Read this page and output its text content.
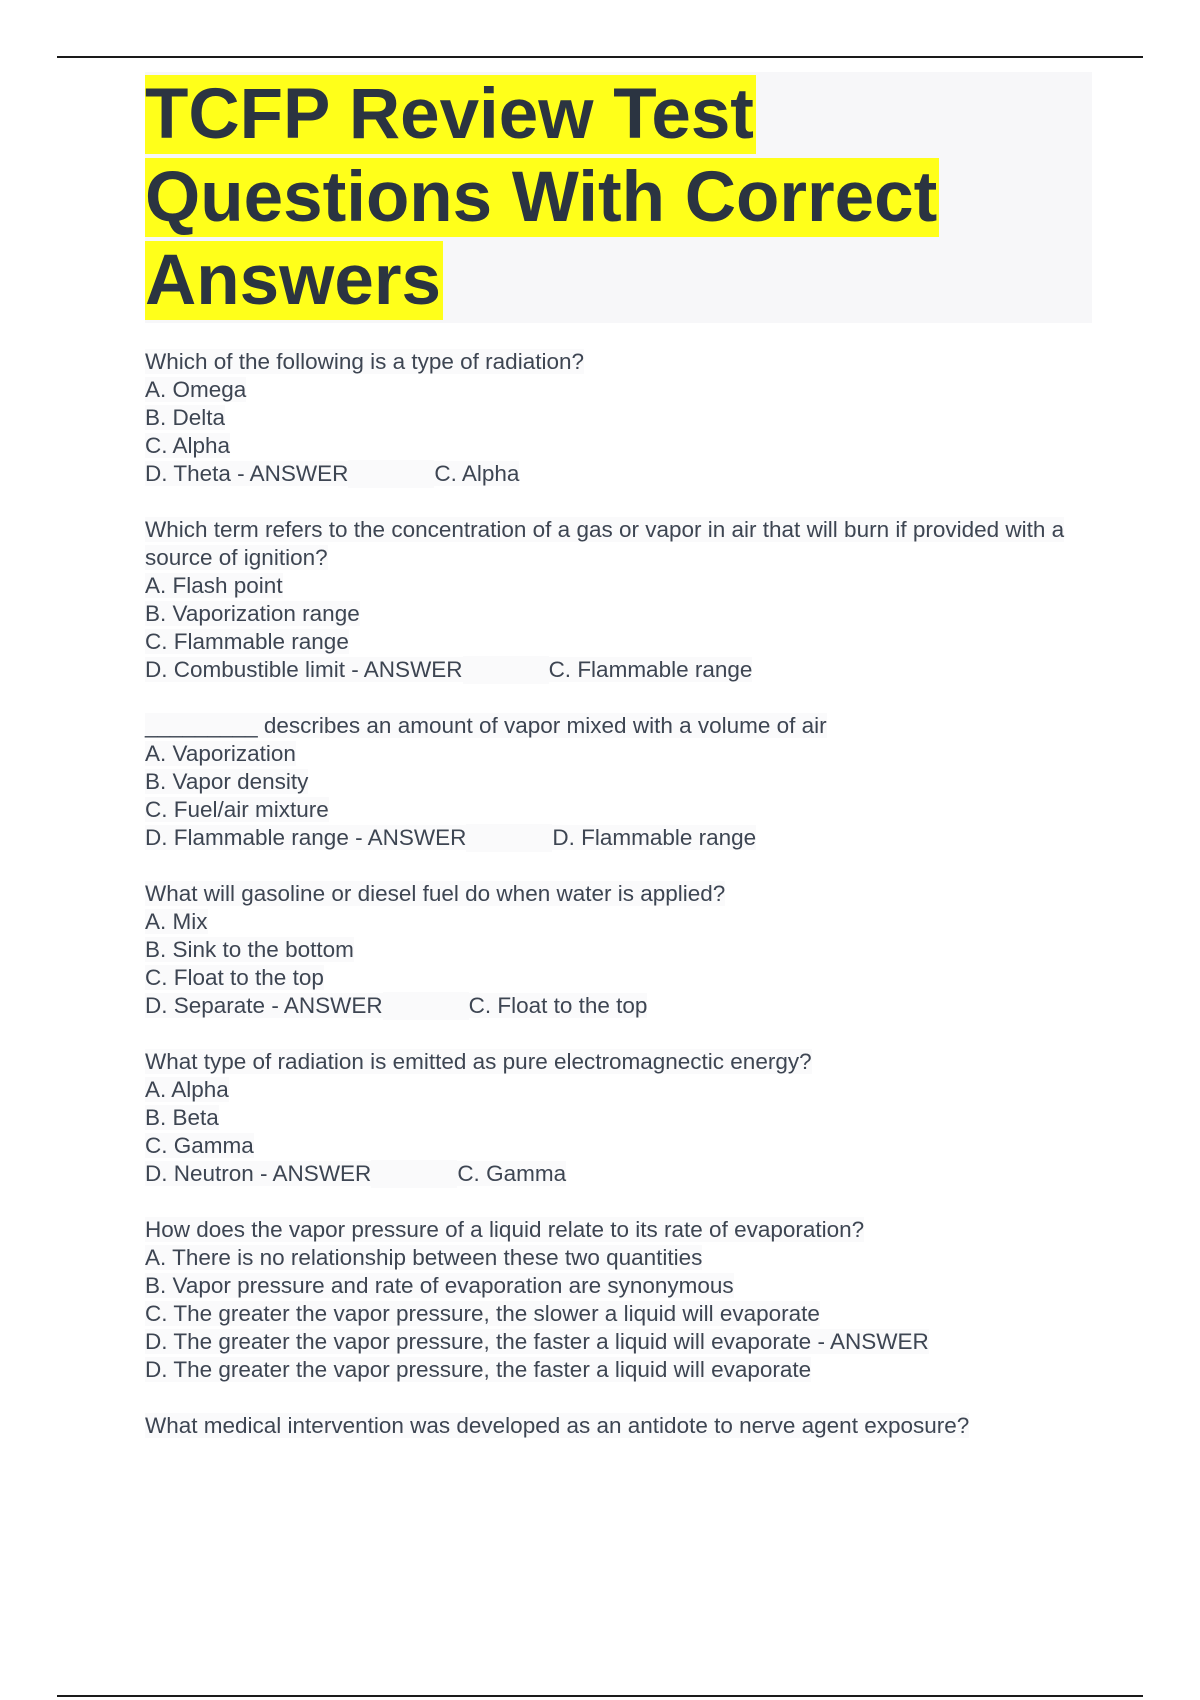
TCFP Review Test Questions With Correct Answers
Which of the following is a type of radiation?
A. Omega
B. Delta
C. Alpha
D. Theta - ANSWER	C. Alpha
Which term refers to the concentration of a gas or vapor in air that will burn if provided with a source of ignition?
A. Flash point
B. Vaporization range
C. Flammable range
D. Combustible limit - ANSWER	C. Flammable range
_________ describes an amount of vapor mixed with a volume of air
A. Vaporization
B. Vapor density
C. Fuel/air mixture
D. Flammable range - ANSWER	D. Flammable range
What will gasoline or diesel fuel do when water is applied?
A. Mix
B. Sink to the bottom
C. Float to the top
D. Separate - ANSWER	C. Float to the top
What type of radiation is emitted as pure electromagnectic energy?
A. Alpha
B. Beta
C. Gamma
D. Neutron - ANSWER	C. Gamma
How does the vapor pressure of a liquid relate to its rate of evaporation?
A. There is no relationship between these two quantities
B. Vapor pressure and rate of evaporation are synonymous
C. The greater the vapor pressure, the slower a liquid will evaporate
D. The greater the vapor pressure, the faster a liquid will evaporate - ANSWER
D. The greater the vapor pressure, the faster a liquid will evaporate
What medical intervention was developed as an antidote to nerve agent exposure?
